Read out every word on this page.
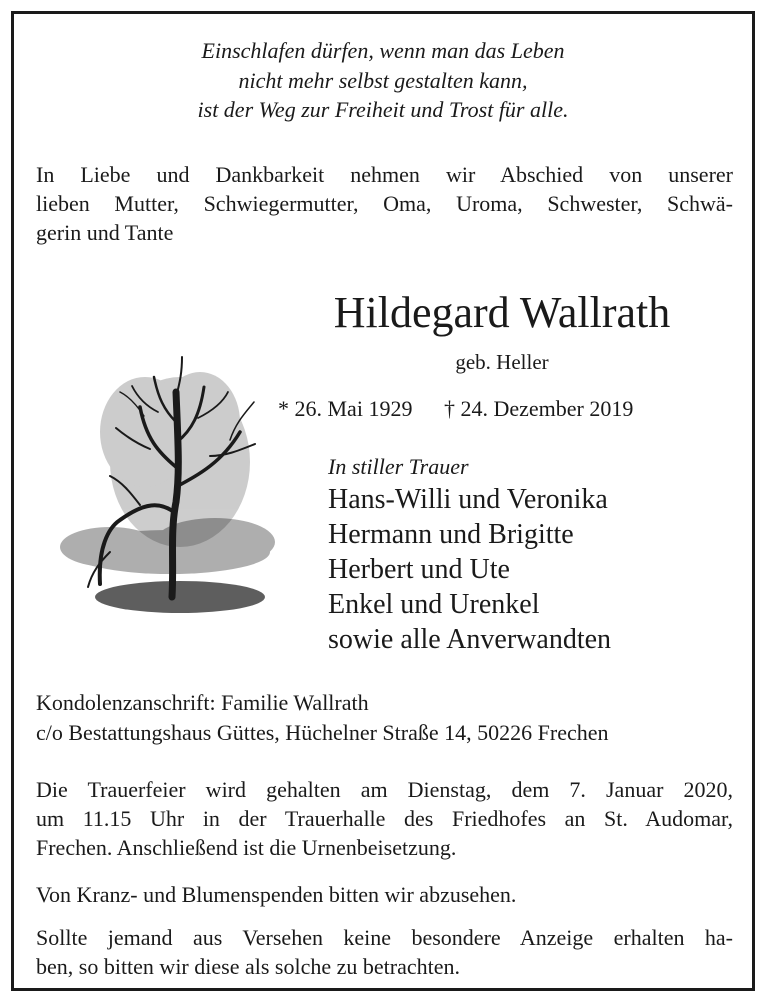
Einschlafen dürfen, wenn man das Leben
nicht mehr selbst gestalten kann,
ist der Weg zur Freiheit und Trost für alle.
In Liebe und Dankbarkeit nehmen wir Abschied von unserer
lieben Mutter, Schwiegermutter, Oma, Uroma, Schwester, Schwä-
gerin und Tante
Hildegard Wallrath
geb. Heller
* 26. Mai 1929 † 24. Dezember 2019
In stiller Trauer
Hans-Willi und Veronika
Hermann und Brigitte
Herbert und Ute
Enkel und Urenkel
sowie alle Anverwandten
Kondolenzanschrift: Familie Wallrath
c/o Bestattungshaus Güttes, Hüchelner Straße 14, 50226 Frechen
Die Trauerfeier wird gehalten am Dienstag, dem 7. Januar 2020,
um 11.15 Uhr in der Trauerhalle des Friedhofes an St. Audomar,
Frechen. Anschließend ist die Urnenbeisetzung.
Von Kranz- und Blumenspenden bitten wir abzusehen.
Sollte jemand aus Versehen keine besondere Anzeige erhalten ha-
ben, so bitten wir diese als solche zu betrachten.
